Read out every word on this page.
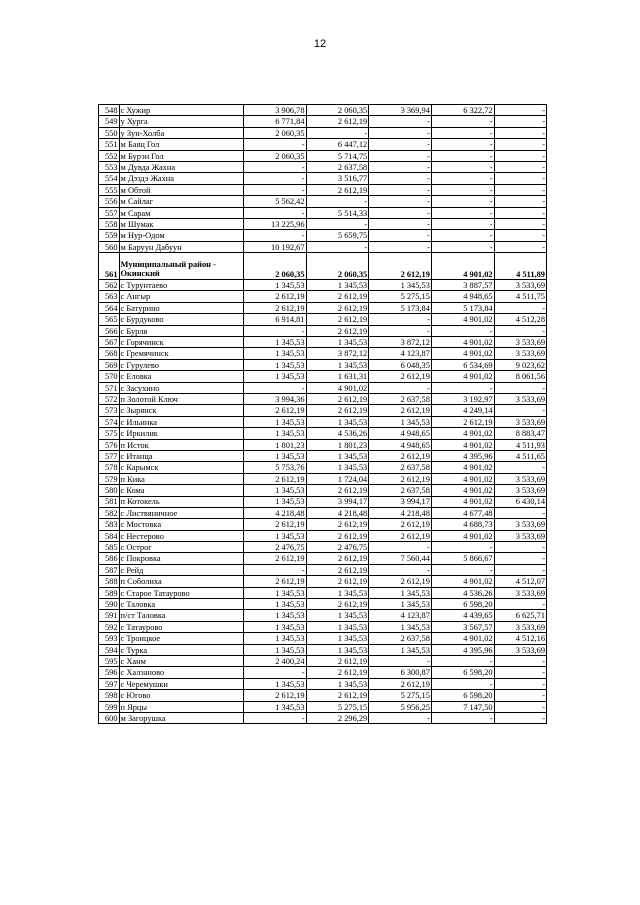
12
548	с Хужир	3 906,78	2 060,35	3 369,94	6 322,72	-
549	у Хурга	6 771,84	2 612,19	-	-	-
550	у Зун-Холба	2 060,35	-	-	-	-
551	м Баяц Гол	-	6 447,12	-	-	-
552	м Бурэн Гол	2 060,35	5 714,75	-	-	-
553	м Дувда Жахна	-	2 637,58	-	-	-
554	м Дэздэ Жахна	-	3 516,77	-	-	-
555	м Обтой	-	2 612,19	-	-	-
556	м Сайлаг	5 562,42	-	-	-	-
557	м Сарам	-	5 514,33	-	-	-
558	м Шумак	13 225,96	-	-	-	-
559	м Нур-Одом	-	5 659,75	-	-	-
560	м Баруун Дабуун	10 192,67	-	-	-	-
561	Муниципальный район - Окинский	2 060,35	2 060,35	2 612,19	4 901,02	4 511,89
562	с Турунтаево	1 345,53	1 345,53	1 345,53	3 887,57	3 533,69
563	с Ангыр	2 612,19	2 612,19	5 275,15	4 948,65	4 511,75
564	с Батурино	2 612,19	2 612,19	5 173,84	5 173,84	-
565	с Бурдуково	6 914,81	2 612,19	-	4 901,02	4 512,28
566	с Бурля	-	2 612,19	-	-	-
567	с Горячинск	1 345,53	1 345,53	3 872,12	4 901,02	3 533,69
568	с Гремячинск	1 345,53	3 872,12	4 123,87	4 901,02	3 533,69
569	с Гурулево	1 345,53	1 345,53	6 048,35	6 534,69	9 023,62
570	с Еловка	1 345,53	1 631,31	2 612,19	4 901,02	8 061,56
571	с Засухино	-	4 901,02	-	-	-
572	п Золотой Ключ	3 994,36	2 612,19	2 637,58	3 192,97	3 533,69
573	с Зырянск	2 612,19	2 612,19	2 612,19	4 249,14	-
574	с Ильинка	1 345,53	1 345,53	1 345,53	2 612,19	3 533,69
575	с Иркилик	1 345,53	4 536,26	4 948,65	4 901,02	8 883,47
576	п Исток	1 801,23	1 801,23	4 948,65	4 901,02	4 511,93
577	с Итанца	1 345,53	1 345,53	2 612,19	4 395,96	4 511,65
578	с Карымск	5 753,76	1 345,53	2 637,58	4 901,02	-
579	п Кика	2 612,19	1 724,04	2 612,19	4 901,02	3 533,69
580	с Кома	1 345,53	2 612,19	2 637,58	4 901,02	3 533,69
581	п Котокель	1 345,53	3 994,17	3 994,17	4 901,02	6 430,14
582	с Листвяничное	4 218,48	4 218,48	4 218,48	4 677,48	-
583	с Мостовка	2 612,19	2 612,19	2 612,19	4 688,73	3 533,69
584	с Нестерово	1 345,53	2 612,19	2 612,19	4 901,02	3 533,69
585	с Острог	2 476,75	2 476,75	-	-	-
586	с Покровка	2 612,19	2 612,19	7 560,44	5 866,67	-
587	с Рейд	-	2 612,19	-	-	-
588	п Соболиха	2 612,19	2 612,19	2 612,19	4 901,02	4 512,07
589	с Старое Татаурово	1 345,53	1 345,53	1 345,53	4 536,26	3 533,69
590	с Таловка	1 345,53	2 612,19	1 345,53	6 598,20	-
591	п/ст Таловка	1 345,53	1 345,53	4 123,87	4 439,65	6 625,71
592	с Татаурово	1 345,53	1 345,53	1 345,53	3 567,57	3 533,69
593	с Троицкое	1 345,53	1 345,53	2 637,58	4 901,02	4 512,16
594	с Турка	1 345,53	1 345,53	1 345,53	4 395,96	3 533,69
595	с Ханм	2 400,24	2 612,19	-	-	-
596	с Халзаново	-	2 612,19	6 300,87	6 598,20	-
597	с Черемушки	1 345,53	1 345,53	2 612,19	-	-
598	с Югово	2 612,19	2 612,19	5 275,15	6 598,20	-
599	п Ярцы	1 345,53	5 275,15	5 956,25	7 147,50	-
600	м Загорушка	-	2 296,29	-	-	-
